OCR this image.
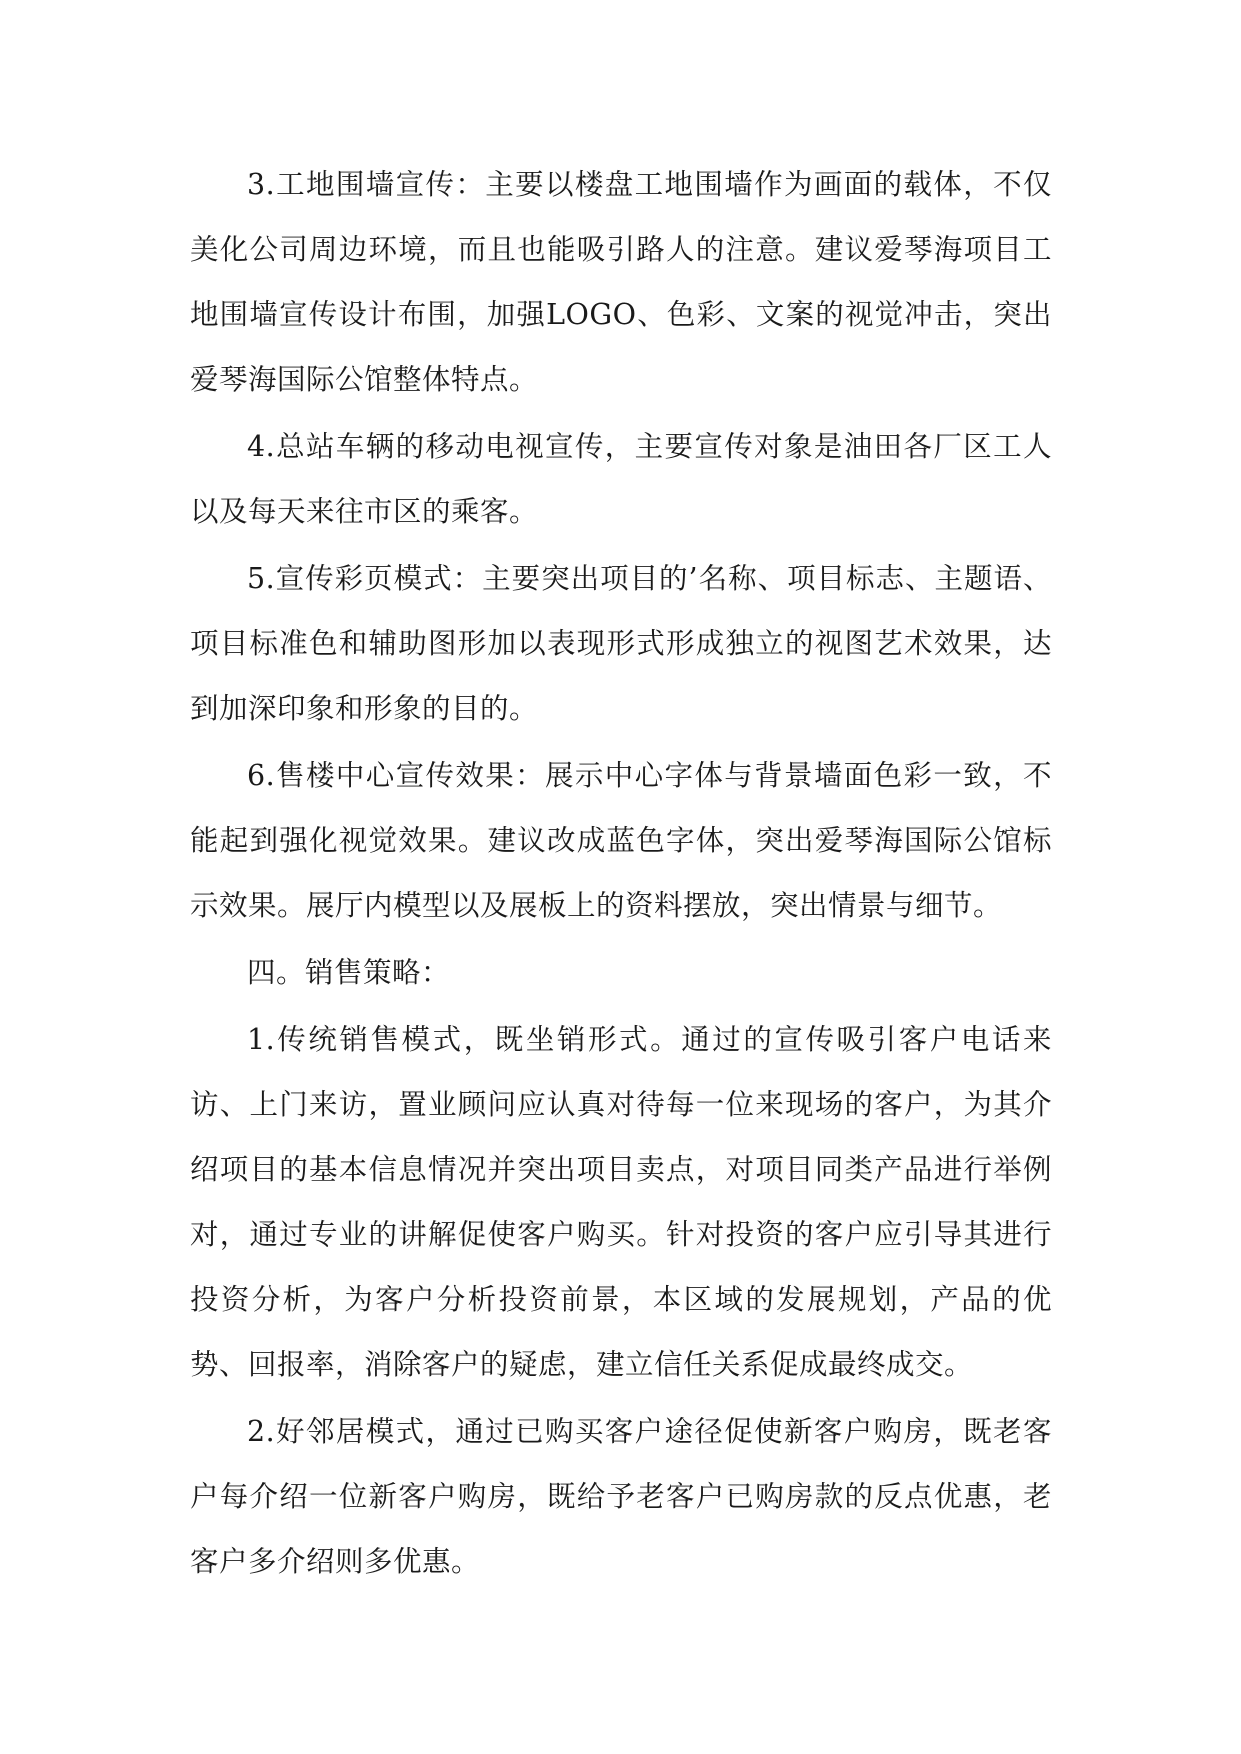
3.工地围墙宣传：主要以楼盘工地围墙作为画面的载体，不仅美化公司周边环境，而且也能吸引路人的注意。建议爱琴海项目工地围墙宣传设计布围，加强LOGO、色彩、文案的视觉冲击，突出爱琴海国际公馆整体特点。

4.总站车辆的移动电视宣传，主要宣传对象是油田各厂区工人以及每天来往市区的乘客。

5.宣传彩页模式：主要突出项目的’名称、项目标志、主题语、项目标准色和辅助图形加以表现形式形成独立的视图艺术效果，达到加深印象和形象的目的。

6.售楼中心宣传效果：展示中心字体与背景墙面色彩一致，不能起到强化视觉效果。建议改成蓝色字体，突出爱琴海国际公馆标示效果。展厅内模型以及展板上的资料摆放，突出情景与细节。

四。销售策略：

1.传统销售模式，既坐销形式。通过的宣传吸引客户电话来访、上门来访，置业顾问应认真对待每一位来现场的客户，为其介绍项目的基本信息情况并突出项目卖点，对项目同类产品进行举例对，通过专业的讲解促使客户购买。针对投资的客户应引导其进行投资分析，为客户分析投资前景，本区域的发展规划，产品的优势、回报率，消除客户的疑虑，建立信任关系促成最终成交。

2.好邻居模式，通过已购买客户途径促使新客户购房，既老客户每介绍一位新客户购房，既给予老客户已购房款的反点优惠，老客户多介绍则多优惠。
